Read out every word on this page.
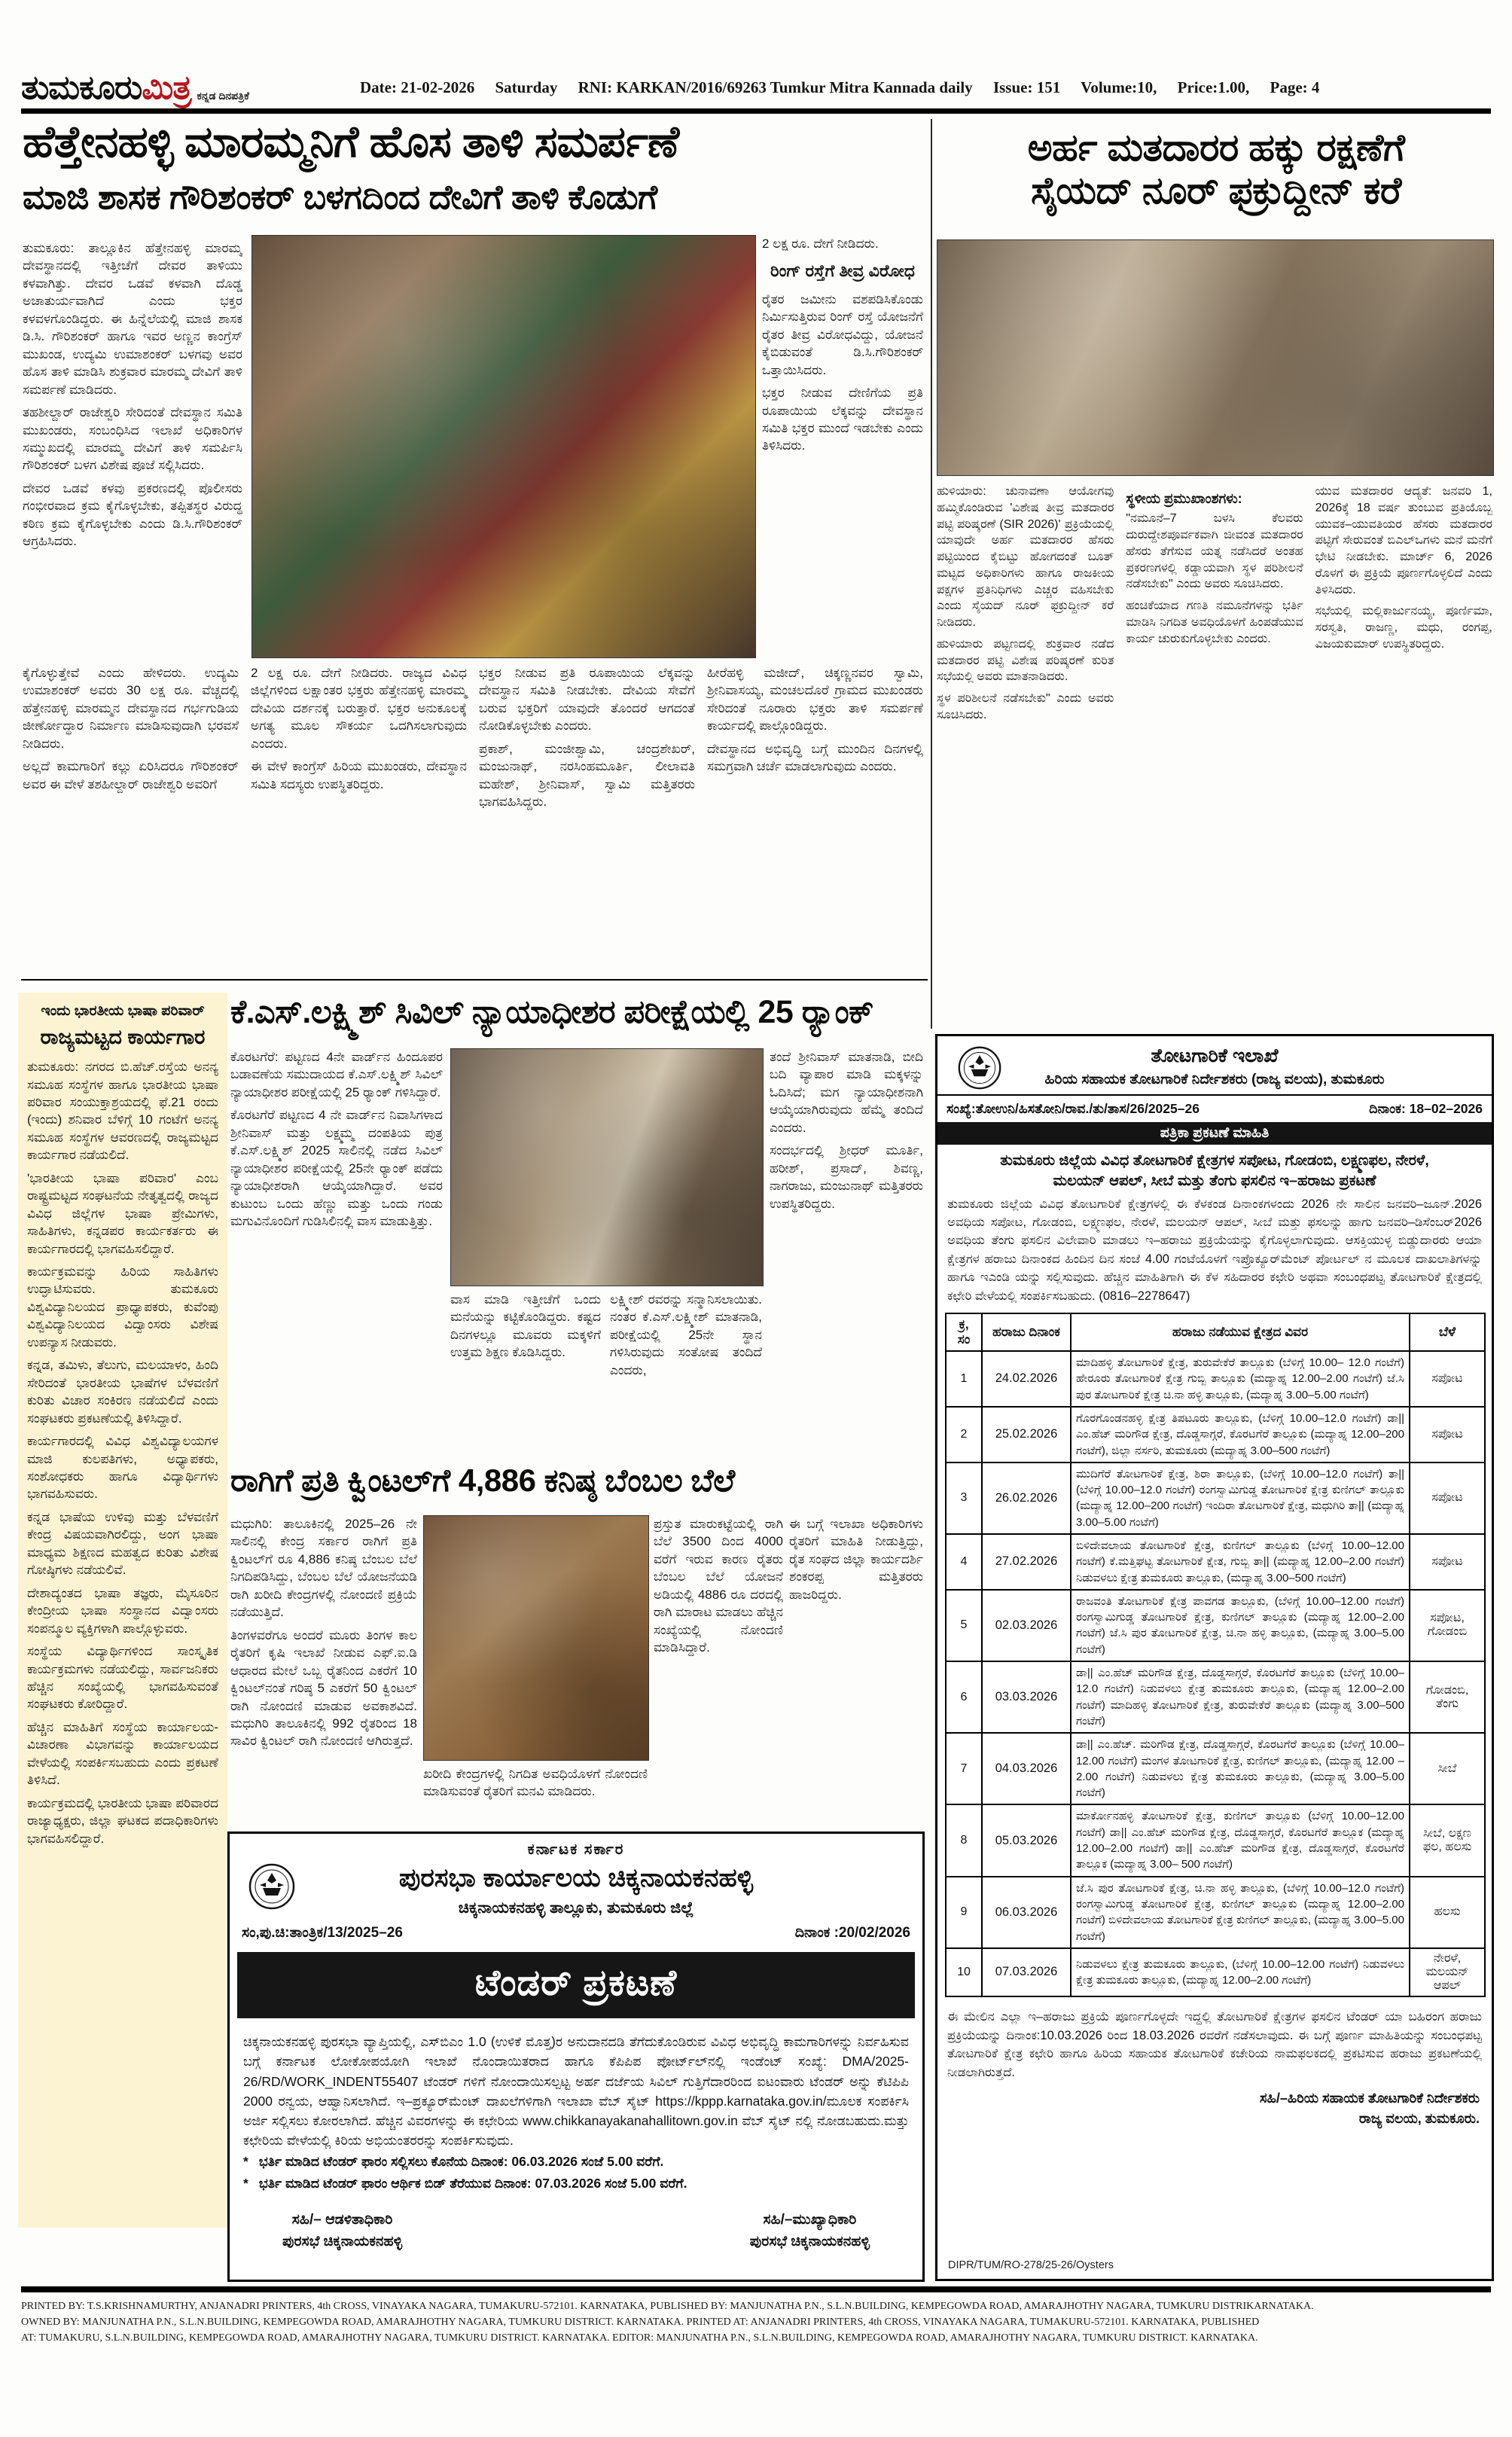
ತುಮಕೂರುಮಿತ್ರ ಕನ್ನಡ ದಿನಪತ್ರಿಕೆ	Date: 21-02-2026 Saturday RNI: KARKAN/2016/69263 Tumkur Mitra Kannada daily Issue: 151 Volume:10, Price:1.00, Page: 4
ಹೆತ್ತೇನಹಳ್ಳಿ ಮಾರಮ್ಮನಿಗೆ ಹೊಸ ತಾಳಿ ಸಮರ್ಪಣೆ
ಮಾಜಿ ಶಾಸಕ ಗೌರಿಶಂಕರ್ ಬಳಗದಿಂದ ದೇವಿಗೆ ತಾಳಿ ಕೊಡುಗೆ

ತುಮಕೂರು: ತಾಲ್ಲೂಕಿನ ಹೆತ್ತೇನಹಳ್ಳಿ ಮಾರಮ್ಮ ದೇವಸ್ಥಾನದಲ್ಲಿ ಇತ್ತೀಚೆಗೆ ದೇವರ ತಾಳಿಯು ಕಳವಾಗಿತ್ತು. ದೇವರ ಒಡವೆ ಕಳವಾಗಿ ದೊಡ್ಡ ಅಚಾತುರ್ಯವಾಗಿದೆ ಎಂದು ಭಕ್ತರ ಕಳವಳಗೊಂಡಿದ್ದರು. ಈ ಹಿನ್ನೆಲೆಯಲ್ಲಿ ಮಾಜಿ ಶಾಸಕ ಡಿ.ಸಿ. ಗೌರಿಶಂಕರ್ ಹಾಗೂ ಇವರ ಅಣ್ಣನ ಕಾಂಗ್ರೆಸ್ ಮುಖಂಡ, ಉದ್ಯಮಿ ಉಮಾಶಂಕರ್ ಬಳಗವು ಅವರ ಹೊಸ ತಾಳಿ ಮಾಡಿಸಿ ಶುಕ್ರವಾರ ಮಾರಮ್ಮ ದೇವಿಗೆ ತಾಳಿ ಸಮರ್ಪಣೆ ಮಾಡಿದರು.

ತಹಶೀಲ್ದಾರ್ ರಾಜೇಶ್ವರಿ ಸೇರಿದಂತೆ ದೇವಸ್ಥಾನ ಸಮಿತಿ ಮುಖಂಡರು, ಸಂಬಂಧಿಸಿದ ಇಲಾಖೆ ಅಧಿಕಾರಿಗಳ ಸಮ್ಮುಖದಲ್ಲಿ ಮಾರಮ್ಮ ದೇವಿಗೆ ತಾಳಿ ಸಮರ್ಪಿಸಿ ಗೌರಿಶಂಕರ್ ಬಳಗ ವಿಶೇಷ ಪೂಜೆ ಸಲ್ಲಿಸಿದರು.

ದೇವರ ಒಡವೆ ಕಳವು ಪ್ರಕರಣದಲ್ಲಿ ಪೊಲೀಸರು ಗಂಭೀರವಾದ ಕ್ರಮ ಕೈಗೊಳ್ಳಬೇಕು, ತಪ್ಪಿತಸ್ಥರ ವಿರುದ್ಧ ಕಠಿಣ ಕ್ರಮ ಕೈಗೊಳ್ಳಬೇಕು ಎಂದು ಡಿ.ಸಿ.ಗೌರಿಶಂಕರ್ ಆಗ್ರಹಿಸಿದರು.

2 ಲಕ್ಷ ರೂ. ದೇಗೆ ನೀಡಿದರು.

ರಿಂಗ್ ರಸ್ತೆಗೆ ತೀವ್ರ ವಿರೋಧ

ರೈತರ ಜಮೀನು ವಶಪಡಿಸಿಕೊಂಡು ನಿರ್ಮಿಸುತ್ತಿರುವ ರಿಂಗ್ ರಸ್ತೆ ಯೋಜನೆಗೆ ರೈತರ ತೀವ್ರ ವಿರೋಧವಿದ್ದು, ಯೋಜನೆ ಕೈಬಿಡುವಂತೆ ಡಿ.ಸಿ.ಗೌರಿಶಂಕರ್ ಒತ್ತಾಯಿಸಿದರು.

ಭಕ್ತರ ನೀಡುವ ದೇಣಿಗೆಯ ಪ್ರತಿ ರೂಪಾಯಿಯ ಲೆಕ್ಕವನ್ನು ದೇವಸ್ಥಾನ ಸಮಿತಿ ಭಕ್ತರ ಮುಂದೆ ಇಡಬೇಕು ಎಂದು ತಿಳಿಸಿದರು.

ಕೈಗೊಳ್ಳುತ್ತೇವೆ ಎಂದು ಹೇಳಿದರು. ಉದ್ಯಮಿ ಉಮಾಶಂಕರ್ ಅವರು 30 ಲಕ್ಷ ರೂ. ವೆಚ್ಚದಲ್ಲಿ ಹೆತ್ತೇನಹಳ್ಳಿ ಮಾರಮ್ಮನ ದೇವಸ್ಥಾನದ ಗರ್ಭಗುಡಿಯ ಜೀರ್ಣೋದ್ಧಾರ ನಿರ್ಮಾಣ ಮಾಡಿಸುವುದಾಗಿ ಭರವಸೆ ನೀಡಿದರು.

ಅಲ್ಲದೆ ಕಾಮಗಾರಿಗೆ ಕಲ್ಲು ಏರಿಸಿದರೂ ಗೌರಿಶಂಕರ್ ಅವರ ಈ ವೇಳೆ ತಶಹೀಲ್ದಾರ್ ರಾಜೇಶ್ವರಿ ಅವರಿಗೆ

2 ಲಕ್ಷ ರೂ. ದೇಗೆ ನೀಡಿದರು. ರಾಜ್ಯದ ವಿವಿಧ ಜಿಲ್ಲೆಗಳಿಂದ ಲಕ್ಷಾಂತರ ಭಕ್ತರು ಹೆತ್ತೇನಹಳ್ಳಿ ಮಾರಮ್ಮ ದೇವಿಯ ದರ್ಶನಕ್ಕೆ ಬರುತ್ತಾರೆ. ಭಕ್ತರ ಅನುಕೂಲಕ್ಕೆ ಅಗತ್ಯ ಮೂಲ ಸೌಕರ್ಯ ಒದಗಿಸಲಾಗುವುದು ಎಂದರು.

ಈ ವೇಳೆ ಕಾಂಗ್ರೆಸ್ ಹಿರಿಯ ಮುಖಂಡರು, ದೇವಸ್ಥಾನ ಸಮಿತಿ ಸದಸ್ಯರು ಉಪಸ್ಥಿತರಿದ್ದರು.

ಭಕ್ತರ ನೀಡುವ ಪ್ರತಿ ರೂಪಾಯಿಯ ಲೆಕ್ಕವನ್ನು ದೇವಸ್ಥಾನ ಸಮಿತಿ ನೀಡಬೇಕು. ದೇವಿಯ ಸೇವೆಗೆ ಬರುವ ಭಕ್ತರಿಗೆ ಯಾವುದೇ ತೊಂದರೆ ಆಗದಂತೆ ನೋಡಿಕೊಳ್ಳಬೇಕು ಎಂದರು.

ಪ್ರಕಾಶ್, ಮಂಜೀಶ್ವಾಮಿ, ಚಂದ್ರಶೇಖರ್, ಮಂಜುನಾಥ್, ನರಸಿಂಹಮೂರ್ತಿ, ಲೀಲಾವತಿ ಮಹೇಶ್, ಶ್ರೀನಿವಾಸ್, ಸ್ವಾಮಿ ಮತ್ತಿತರರು ಭಾಗವಹಿಸಿದ್ದರು.

ಹೀರೆಹಳ್ಳಿ ಮಜೀದ್, ಚಿಕ್ಕಣ್ಣನವರ ಸ್ವಾಮಿ, ಶ್ರೀನಿವಾಸಯ್ಯ, ಮಂಚಲದೊರೆ ಗ್ರಾಮದ ಮುಖಂಡರು ಸೇರಿದಂತೆ ನೂರಾರು ಭಕ್ತರು ತಾಳಿ ಸಮರ್ಪಣೆ ಕಾರ್ಯದಲ್ಲಿ ಪಾಲ್ಗೊಂಡಿದ್ದರು.

ದೇವಸ್ಥಾನದ ಅಭಿವೃದ್ಧಿ ಬಗ್ಗೆ ಮುಂದಿನ ದಿನಗಳಲ್ಲಿ ಸಮಗ್ರವಾಗಿ ಚರ್ಚೆ ಮಾಡಲಾಗುವುದು ಎಂದರು.

ಅರ್ಹ ಮತದಾರರ ಹಕ್ಕು ರಕ್ಷಣೆಗೆ
ಸೈಯದ್ ನೂರ್ ಫಕ್ರುದ್ದೀನ್ ಕರೆ

ಹುಳಿಯಾರು: ಚುನಾವಣಾ ಆಯೋಗವು ಹಮ್ಮಿಕೊಂಡಿರುವ 'ವಿಶೇಷ ತೀವ್ರ ಮತದಾರರ ಪಟ್ಟಿ ಪರಿಷ್ಕರಣೆ (SIR 2026)' ಪ್ರಕ್ರಿಯೆಯಲ್ಲಿ ಯಾವುದೇ ಅರ್ಹ ಮತದಾರರ ಹೆಸರು ಪಟ್ಟಿಯಿಂದ ಕೈಬಿಟ್ಟು ಹೋಗದಂತೆ ಬೂತ್ ಮಟ್ಟದ ಅಧಿಕಾರಿಗಳು ಹಾಗೂ ರಾಜಕೀಯ ಪಕ್ಷಗಳ ಪ್ರತಿನಿಧಿಗಳು ಎಚ್ಚರ ವಹಿಸಬೇಕು ಎಂದು ಸೈಯದ್ ನೂರ್ ಫಕ್ರುದ್ದೀನ್ ಕರೆ ನೀಡಿದರು.

ಹುಳಿಯಾರು ಪಟ್ಟಣದಲ್ಲಿ ಶುಕ್ರವಾರ ನಡೆದ ಮತದಾರರ ಪಟ್ಟಿ ವಿಶೇಷ ಪರಿಷ್ಕರಣೆ ಕುರಿತ ಸಭೆಯಲ್ಲಿ ಅವರು ಮಾತನಾಡಿದರು.

ಸ್ಥಳ ಪರಿಶೀಲನೆ ನಡೆಸಬೇಕು" ಎಂದು ಅವರು ಸೂಚಿಸಿದರು.

ಸ್ಥಳೀಯ ಪ್ರಮುಖಾಂಶಗಳು:

"ನಮೂನೆ–7 ಬಳಸಿ ಕೆಲವರು ದುರುದ್ದೇಶಪೂರ್ವಕವಾಗಿ ಜೀವಂತ ಮತದಾರರ ಹೆಸರು ತೆಗೆಸುವ ಯತ್ನ ನಡೆಸಿದರೆ ಅಂತಹ ಪ್ರಕರಣಗಳಲ್ಲಿ ಕಡ್ಡಾಯವಾಗಿ ಸ್ಥಳ ಪರಿಶೀಲನೆ ನಡೆಸಬೇಕು" ಎಂದು ಅವರು ಸೂಚಿಸಿದರು.

ಹಂಚಿಕೆಯಾದ ಗಣತಿ ನಮೂನೆಗಳನ್ನು ಭರ್ತಿ ಮಾಡಿಸಿ ನಿಗದಿತ ಅವಧಿಯೊಳಗೆ ಹಿಂಪಡೆಯುವ ಕಾರ್ಯ ಚುರುಕುಗೊಳ್ಳಬೇಕು ಎಂದರು.

ಯುವ ಮತದಾರರ ಆದ್ಯತೆ: ಜನವರಿ 1, 2026ಕ್ಕೆ 18 ವರ್ಷ ತುಂಬುವ ಪ್ರತಿಯೊಬ್ಬ ಯುವಕ–ಯುವತಿಯರ ಹೆಸರು ಮತದಾರರ ಪಟ್ಟಿಗೆ ಸೇರುವಂತೆ ಬಿಎಲ್‌ಒಗಳು ಮನೆ ಮನೆಗೆ ಭೇಟಿ ನೀಡಬೇಕು. ಮಾರ್ಚ್ 6, 2026 ರೊಳಗೆ ಈ ಪ್ರಕ್ರಿಯೆ ಪೂರ್ಣಗೊಳ್ಳಲಿದೆ ಎಂದು ತಿಳಿಸಿದರು.

ಸಭೆಯಲ್ಲಿ ಮಲ್ಲಿಕಾರ್ಜುನಯ್ಯ, ಪೂರ್ಣಿಮಾ, ಸರಸ್ವತಿ, ರಾಜಣ್ಣ, ಮಧು, ರಂಗಪ್ಪ, ವಿಜಯಕುಮಾರ್ ಉಪಸ್ಥಿತರಿದ್ದರು.

ಇಂದು ಭಾರತೀಯ ಭಾಷಾ ಪರಿವಾರ್
ರಾಜ್ಯಮಟ್ಟದ ಕಾರ್ಯಗಾರ

ತುಮಕೂರು: ನಗರದ ಬಿ.ಹೆಚ್.ರಸ್ತೆಯ ಅನನ್ಯ ಸಮೂಹ ಸಂಸ್ಥೆಗಳ ಹಾಗೂ ಭಾರತೀಯ ಭಾಷಾ ಪರಿವಾರ ಸಂಯುಕ್ತಾಶ್ರಯದಲ್ಲಿ ಫೆ.21 ರಂದು (ಇಂದು) ಶನಿವಾರ ಬೆಳಿಗ್ಗೆ 10 ಗಂಟೆಗೆ ಅನನ್ಯ ಸಮೂಹ ಸಂಸ್ಥೆಗಳ ಆವರಣದಲ್ಲಿ ರಾಜ್ಯಮಟ್ಟದ ಕಾರ್ಯಗಾರ ನಡೆಯಲಿದೆ.

'ಭಾರತೀಯ ಭಾಷಾ ಪರಿವಾರ' ಎಂಬ ರಾಷ್ಟ್ರಮಟ್ಟದ ಸಂಘಟನೆಯ ನೇತೃತ್ವದಲ್ಲಿ ರಾಜ್ಯದ ವಿವಿಧ ಜಿಲ್ಲೆಗಳ ಭಾಷಾ ಪ್ರೇಮಿಗಳು, ಸಾಹಿತಿಗಳು, ಕನ್ನಡಪರ ಕಾರ್ಯಕರ್ತರು ಈ ಕಾರ್ಯಗಾರದಲ್ಲಿ ಭಾಗವಹಿಸಲಿದ್ದಾರೆ.

ಕಾರ್ಯಕ್ರಮವನ್ನು ಹಿರಿಯ ಸಾಹಿತಿಗಳು ಉದ್ಘಾಟಿಸುವರು. ತುಮಕೂರು ವಿಶ್ವವಿದ್ಯಾನಿಲಯದ ಪ್ರಾಧ್ಯಾಪಕರು, ಕುವೆಂಪು ವಿಶ್ವವಿದ್ಯಾನಿಲಯದ ವಿದ್ವಾಂಸರು ವಿಶೇಷ ಉಪನ್ಯಾಸ ನೀಡುವರು.

ಕನ್ನಡ, ತಮಿಳು, ತೆಲುಗು, ಮಲಯಾಳಂ, ಹಿಂದಿ ಸೇರಿದಂತೆ ಭಾರತೀಯ ಭಾಷೆಗಳ ಬೆಳವಣಿಗೆ ಕುರಿತು ವಿಚಾರ ಸಂಕಿರಣ ನಡೆಯಲಿದೆ ಎಂದು ಸಂಘಟಕರು ಪ್ರಕಟಣೆಯಲ್ಲಿ ತಿಳಿಸಿದ್ದಾರೆ.

ಕಾರ್ಯಗಾರದಲ್ಲಿ ವಿವಿಧ ವಿಶ್ವವಿದ್ಯಾಲಯಗಳ ಮಾಜಿ ಕುಲಪತಿಗಳು, ಅಧ್ಯಾಪಕರು, ಸಂಶೋಧಕರು ಹಾಗೂ ವಿದ್ಯಾರ್ಥಿಗಳು ಭಾಗವಹಿಸುವರು.

ಕನ್ನಡ ಭಾಷೆಯ ಉಳಿವು ಮತ್ತು ಬೆಳವಣಿಗೆ ಕೇಂದ್ರ ವಿಷಯವಾಗಿರಲಿದ್ದು, ಅಂಗ ಭಾಷಾ ಮಾಧ್ಯಮ ಶಿಕ್ಷಣದ ಮಹತ್ವದ ಕುರಿತು ವಿಶೇಷ ಗೋಷ್ಠಿಗಳು ನಡೆಯಲಿವೆ.

ದೇಶಾದ್ಯಂತದ ಭಾಷಾ ತಜ್ಞರು, ಮೈಸೂರಿನ ಕೇಂದ್ರೀಯ ಭಾಷಾ ಸಂಸ್ಥಾನದ ವಿದ್ವಾಂಸರು ಸಂಪನ್ಮೂಲ ವ್ಯಕ್ತಿಗಳಾಗಿ ಪಾಲ್ಗೊಳ್ಳುವರು.

ಸಂಸ್ಥೆಯ ವಿದ್ಯಾರ್ಥಿಗಳಿಂದ ಸಾಂಸ್ಕೃತಿಕ ಕಾರ್ಯಕ್ರಮಗಳು ನಡೆಯಲಿದ್ದು, ಸಾರ್ವಜನಿಕರು ಹೆಚ್ಚಿನ ಸಂಖ್ಯೆಯಲ್ಲಿ ಭಾಗವಹಿಸುವಂತೆ ಸಂಘಟಕರು ಕೋರಿದ್ದಾರೆ.

ಹೆಚ್ಚಿನ ಮಾಹಿತಿಗೆ ಸಂಸ್ಥೆಯ ಕಾರ್ಯಾಲಯ-ವಿಚಾರಣಾ ವಿಭಾಗವನ್ನು ಕಾರ್ಯಾಲಯದ ವೇಳೆಯಲ್ಲಿ ಸಂಪರ್ಕಿಸಬಹುದು ಎಂದು ಪ್ರಕಟಣೆ ತಿಳಿಸಿದೆ.

ಕಾರ್ಯಕ್ರಮದಲ್ಲಿ ಭಾರತೀಯ ಭಾಷಾ ಪರಿವಾರದ ರಾಜ್ಯಾಧ್ಯಕ್ಷರು, ಜಿಲ್ಲಾ ಘಟಕದ ಪದಾಧಿಕಾರಿಗಳು ಭಾಗವಹಿಸಲಿದ್ದಾರೆ.

ಕೆ.ಎಸ್.ಲಕ್ಷ್ಮಿಶ್ ಸಿವಿಲ್ ನ್ಯಾಯಾಧೀಶರ ಪರೀಕ್ಷೆಯಲ್ಲಿ 25 ರ‍್ಯಾಂಕ್

ಕೊರಟಗೆರೆ: ಪಟ್ಟಣದ 4ನೇ ವಾರ್ಡ್‌ನ ಹಿಂದೂಪರ ಬಡಾವಣೆಯ ಸಮುದಾಯದ ಕೆ.ಎಸ್.ಲಕ್ಷ್ಮಿಶ್ ಸಿವಿಲ್ ನ್ಯಾಯಾಧೀಶರ ಪರೀಕ್ಷೆಯಲ್ಲಿ 25 ರ‍್ಯಾಂಕ್ ಗಳಿಸಿದ್ದಾರೆ.

ಕೊರಟಗೆರೆ ಪಟ್ಟಣದ 4 ನೇ ವಾರ್ಡ್‌ನ ನಿವಾಸಿಗಳಾದ ಶ್ರೀನಿವಾಸ್ ಮತ್ತು ಲಕ್ಷ್ಮಮ್ಮ ದಂಪತಿಯ ಪುತ್ರ ಕೆ.ಎಸ್.ಲಕ್ಷ್ಮಿಶ್ 2025 ಸಾಲಿನಲ್ಲಿ ನಡೆದ ಸಿವಿಲ್ ನ್ಯಾಯಾಧೀಶರ ಪರೀಕ್ಷೆಯಲ್ಲಿ 25ನೇ ರ‍್ಯಾಂಕ್ ಪಡೆದು ನ್ಯಾಯಾಧೀಶರಾಗಿ ಆಯ್ಕೆಯಾಗಿದ್ದಾರೆ. ಅವರ ಕುಟುಂಬ ಒಂದು ಹೆಣ್ಣು ಮತ್ತು ಒಂದು ಗಂಡು ಮಗುವಿನೊಂದಿಗೆ ಗುಡಿಸಿಲಿನಲ್ಲಿ ವಾಸ ಮಾಡುತ್ತಿತ್ತು.

ವಾಸ ಮಾಡಿ ಇತ್ತೀಚೆಗೆ ಒಂದು ಮನೆಯನ್ನು ಕಟ್ಟಿಕೊಂಡಿದ್ದರು. ಕಷ್ಟದ ದಿನಗಳಲ್ಲೂ ಮೂವರು ಮಕ್ಕಳಿಗೆ ಉತ್ತಮ ಶಿಕ್ಷಣ ಕೊಡಿಸಿದ್ದರು.

ಲಕ್ಷ್ಮೀಶ್ ರವರನ್ನು ಸನ್ಮಾನಿಸಲಾಯಿತು. ನಂತರ ಕೆ.ಎಸ್.ಲಕ್ಷ್ಮೀಶ್ ಮಾತನಾಡಿ, ಪರೀಕ್ಷೆಯಲ್ಲಿ 25ನೇ ಸ್ಥಾನ ಗಳಿಸಿರುವುದು ಸಂತೋಷ ತಂದಿದೆ ಎಂದರು,

ತಂದೆ ಶ್ರೀನಿವಾಸ್ ಮಾತನಾಡಿ, ಬೀದಿ ಬದಿ ವ್ಯಾಪಾರ ಮಾಡಿ ಮಕ್ಕಳನ್ನು ಓದಿಸಿದೆ; ಮಗ ನ್ಯಾಯಾಧೀಶನಾಗಿ ಆಯ್ಕೆಯಾಗಿರುವುದು ಹೆಮ್ಮೆ ತಂದಿದೆ ಎಂದರು.

ಸಂದರ್ಭದಲ್ಲಿ ಶ್ರೀಧರ್ ಮೂರ್ತಿ, ಹರೀಶ್, ಪ್ರಸಾದ್, ಶಿವಣ್ಣ, ನಾಗರಾಜು, ಮಂಜುನಾಥ್ ಮತ್ತಿತರರು ಉಪಸ್ಥಿತರಿದ್ದರು.

ರಾಗಿಗೆ ಪ್ರತಿ ಕ್ವಿಂಟಲ್‌ಗೆ 4,886 ಕನಿಷ್ಠ ಬೆಂಬಲ ಬೆಲೆ

ಮಧುಗಿರಿ: ತಾಲೂಕಿನಲ್ಲಿ 2025–26 ನೇ ಸಾಲಿನಲ್ಲಿ ಕೇಂದ್ರ ಸರ್ಕಾರ ರಾಗಿಗೆ ಪ್ರತಿ ಕ್ವಿಂಟಲ್‌ಗೆ ರೂ 4,886 ಕನಿಷ್ಠ ಬೆಂಬಲ ಬೆಲೆ ನಿಗದಿಪಡಿಸಿದ್ದು, ಬೆಂಬಲ ಬೆಲೆ ಯೋಜನೆಯಡಿ ರಾಗಿ ಖರೀದಿ ಕೇಂದ್ರಗಳಲ್ಲಿ ನೋಂದಣಿ ಪ್ರಕ್ರಿಯೆ ನಡೆಯುತ್ತಿದೆ.

ತಿಂಗಳವರೆಗೂ ಅಂದರೆ ಮೂರು ತಿಂಗಳ ಕಾಲ ರೈತರಿಗೆ ಕೃಷಿ ಇಲಾಖೆ ನೀಡುವ ಎಫ್.ಐ.ಡಿ ಆಧಾರದ ಮೇಲೆ ಒಬ್ಬ ರೈತನಿಂದ ಎಕರೆಗೆ 10 ಕ್ವಿಂಟಲ್‌ನಂತೆ ಗರಿಷ್ಠ 5 ಎಕರೆಗೆ 50 ಕ್ವಿಂಟಲ್ ರಾಗಿ ನೋಂದಣಿ ಮಾಡುವ ಅವಕಾಶವಿದೆ. ಮಧುಗಿರಿ ತಾಲೂಕಿನಲ್ಲಿ 992 ರೈತರಿಂದ 18 ಸಾವಿರ ಕ್ವಿಂಟಲ್ ರಾಗಿ ನೋಂದಣಿ ಆಗಿರುತ್ತದೆ.

ಪ್ರಸ್ತುತ ಮಾರುಕಟ್ಟೆಯಲ್ಲಿ ರಾಗಿ ಬೆಲೆ 3500 ದಿಂದ 4000 ವರೆಗೆ ಇರುವ ಕಾರಣ ರೈತರು ಬೆಂಬಲ ಬೆಲೆ ಯೋಜನೆ ಅಡಿಯಲ್ಲಿ 4886 ರೂ ದರದಲ್ಲಿ ರಾಗಿ ಮಾರಾಟ ಮಾಡಲು ಹೆಚ್ಚಿನ ಸಂಖ್ಯೆಯಲ್ಲಿ ನೋಂದಣಿ ಮಾಡಿಸಿದ್ದಾರೆ.

ಈ ಬಗ್ಗೆ ಇಲಾಖಾ ಅಧಿಕಾರಿಗಳು ರೈತರಿಗೆ ಮಾಹಿತಿ ನೀಡುತ್ತಿದ್ದು, ರೈತ ಸಂಘದ ಜಿಲ್ಲಾ ಕಾರ್ಯದರ್ಶಿ ಶಂಕರಪ್ಪ ಮತ್ತಿತರರು ಹಾಜರಿದ್ದರು.

ಖರೀದಿ ಕೇಂದ್ರಗಳಲ್ಲಿ ನಿಗದಿತ ಅವಧಿಯೊಳಗೆ ನೋಂದಣಿ ಮಾಡಿಸುವಂತೆ ರೈತರಿಗೆ ಮನವಿ ಮಾಡಿದರು.

ಕರ್ನಾಟಕ ಸರ್ಕಾರ
ಪುರಸಭಾ ಕಾರ್ಯಾಲಯ ಚಿಕ್ಕನಾಯಕನಹಳ್ಳಿ
ಚಿಕ್ಕನಾಯಕನಹಳ್ಳಿ ತಾಲ್ಲೂಕು, ತುಮಕೂರು ಜಿಲ್ಲೆ
ಸಂ,ಪು.ಚಿ:ತಾಂತ್ರಿಕ/13/2025–26	ದಿನಾಂಕ :20/02/2026
ಟೆಂಡರ್ ಪ್ರಕಟಣೆ
ಚಿಕ್ಕನಾಯಕನಹಳ್ಳಿ ಪುರಸಭಾ ವ್ಯಾಪ್ತಿಯಲ್ಲಿ, ಎಸ್‌ಬಿಎಂ 1.0 (ಉಳಿಕೆ ಮೊತ್ತ)ರ ಅನುದಾನದಡಿ ತೆಗೆದುಕೊಂಡಿರುವ ವಿವಿಧ ಅಭಿವೃದ್ಧಿ ಕಾಮಗಾರಿಗಳನ್ನು ನಿರ್ವಹಿಸುವ ಬಗ್ಗೆ ಕರ್ನಾಟಕ ಲೋಕೋಪಯೋಗಿ ಇಲಾಖೆ ನೊಂದಾಯಿತರಾದ ಹಾಗೂ ಕೆಪಿಪಿಪ ಪೋರ್ಟ್‌ಲ್‌ನಲ್ಲಿ ಇಂಡೆಂಟ್ ಸಂಖ್ಯೆ: DMA/2025-26/RD/WORK_INDENT55407 ಟೆಂಡರ್ ಗಳಿಗೆ ನೋಂದಾಯಿಸಲ್ಪಟ್ಟ ಅರ್ಹ ದರ್ಜೆಯ ಸಿವಿಲ್ ಗುತ್ತಿಗೆದಾರರಿಂದ ಐಟಂವಾರು ಟೆಂಡರ್ ಅನ್ನು ಕೆಟಿಪಿಪಿ 2000 ರನ್ವಯ, ಆಹ್ವಾನಿಸಲಾಗಿದೆ. ಇ–ಪ್ರಕ್ಯೂರ್‌ಮೆಂಟ್ ದಾಖಲೆಗಳಿಗಾಗಿ ಇಲಾಖಾ ವೆಬ್ ಸೈಟ್ https://kppp.karnataka.gov.in/ಮೂಲಕ ಸಂಪರ್ಕಿಸಿ ಅರ್ಜಿ ಸಲ್ಲಿಸಲು ಕೋರಲಾಗಿದೆ. ಹೆಚ್ಚಿನ ವಿವರಗಳನ್ನು ಈ ಕಛೇರಿಯ www.chikkanayakanahallitown.gov.in ವೆಬ್ ಸೈಟ್ ನಲ್ಲಿ ನೋಡಬಹುದು.ಮತ್ತು ಕಛೇರಿಯ ವೇಳೆಯಲ್ಲಿ ಕಿರಿಯ ಅಭಿಯಂತರರನ್ನು ಸಂಪರ್ಕಿಸುವುದು.
* ಭರ್ತಿ ಮಾಡಿದ ಟೆಂಡರ್ ಫಾರಂ ಸಲ್ಲಿಸಲು ಕೊನೆಯ ದಿನಾಂಕ: 06.03.2026 ಸಂಜೆ 5.00 ವರೆಗೆ.
* ಭರ್ತಿ ಮಾಡಿದ ಟೆಂಡರ್ ಫಾರಂ ಆರ್ಥಿಕ ಬಿಡ್ ತೆರೆಯುವ ದಿನಾಂಕ: 07.03.2026 ಸಂಜೆ 5.00 ವರೆಗೆ.
ಸಹಿ/– ಆಡಳಿತಾಧಿಕಾರಿ
ಪುರಸಭೆ ಚಿಕ್ಕನಾಯಕನಹಳ್ಳಿ
ಸಹಿ/–ಮುಖ್ಯಾಧಿಕಾರಿ
ಪುರಸಭೆ ಚಿಕ್ಕನಾಯಕನಹಳ್ಳಿ
ತೋಟಗಾರಿಕೆ ಇಲಾಖೆ
ಹಿರಿಯ ಸಹಾಯಕ ತೋಟಗಾರಿಕೆ ನಿರ್ದೇಶಕರು (ರಾಜ್ಯ ವಲಯ), ತುಮಕೂರು
ಸಂಖ್ಯೆ:ತೋಉನಿ/ಹಿಸತೋನಿ/ರಾವ./ತು/ತಾಸ/26/2025–26	ದಿನಾಂಕ: 18–02–2026
ಪತ್ರಿಕಾ ಪ್ರಕಟಣೆ ಮಾಹಿತಿ
ತುಮಕೂರು ಜಿಲ್ಲೆಯ ವಿವಿಧ ತೋಟಗಾರಿಕೆ ಕ್ಷೇತ್ರಗಳ ಸಪೋಟ, ಗೋಡಂಬಿ, ಲಕ್ಷ್ಮಣಫಲ, ನೇರಳೆ,
ಮಲಯನ್ ಆಪಲ್, ಸೀಬೆ ಮತ್ತು ತೆಂಗು ಫಸಲಿನ ಇ–ಹರಾಜು ಪ್ರಕಟಣೆ
ತುಮಕೂರು ಜಿಲ್ಲೆಯ ವಿವಿಧ ತೋಟಗಾರಿಕೆ ಕ್ಷೇತ್ರಗಳಲ್ಲಿ ಈ ಕೆಳಕಂಡ ದಿನಾಂಕಗಳಂದು 2026 ನೇ ಸಾಲಿನ ಜನವರಿ–ಜೂನ್.2026 ಅವಧಿಯ ಸಪೋಟ, ಗೋಡಂಬಿ, ಲಕ್ಷ್ಮಣಫಲ, ನೇರಳೆ, ಮಲಯನ್ ಆಪಲ್, ಸೀಬೆ ಮತ್ತು ಫಸಲನ್ನು ಹಾಗು ಜನವರಿ–ಡಿಸೆಂಬರ್2026 ಅವಧಿಯ ತೆಂಗು ಫಸಲಿನ ವಿಲೇವಾರಿ ಮಾಡಲು ಇ–ಹರಾಜು ಪ್ರಕ್ರಿಯೆಯನ್ನು ಕೈಗೊಳ್ಳಲಾಗುವುದು. ಆಸಕ್ತಿಯುಳ್ಳ ಬಿಡ್ಡುದಾರರು ಆಯಾ ಕ್ಷೇತ್ರಗಳ ಹರಾಜು ದಿನಾಂಕದ ಹಿಂದಿನ ದಿನ ಸಂಜೆ 4.00 ಗಂಟೆಯೊಳಗೆ ಇಪ್ರೊಕ್ಯೂರ್‌ಮೆಂಟ್ ಪೋರ್ಟಲ್ ನ ಮೂಲಕ ದಾಖಲಾತಿಗಳನ್ನು ಹಾಗೂ ಇಎಂಡಿ ಯನ್ನು ಸಲ್ಲಿಸುವುದು. ಹೆಚ್ಚಿನ ಮಾಹಿತಿಗಾಗಿ ಈ ಕೆಳ ಸಹಿದಾರರ ಕಛೇರಿ ಅಥವಾ ಸಂಬಂಧಪಟ್ಟ ತೋಟಗಾರಿಕೆ ಕ್ಷೇತ್ರದಲ್ಲಿ ಕಛೇರಿ ವೇಳೆಯಲ್ಲಿ ಸಂಪರ್ಕಿಸಬಹುದು. (0816–2278647)
ಕ್ರ, ಸಂ	ಹರಾಜು ದಿನಾಂಕ	ಹರಾಜು ನಡೆಯುವ ಕ್ಷೇತ್ರದ ವಿವರ	ಬೆಳೆ
1	24.02.2026	ಮಾದಿಹಳ್ಳಿ ತೋಟಗಾರಿಕೆ ಕ್ಷೇತ್ರ, ತುರುವೇಕೆರೆ ತಾಲ್ಲೂಕು (ಬೆಳಿಗ್ಗೆ 10.00– 12.0 ಗಂಟೆಗೆ) ಹೇರೂರು ತೋಟಗಾರಿಕೆ ಕ್ಷೇತ್ರ ಗುಬ್ಬಿ ತಾಲ್ಲೂಕು (ಮದ್ಯಾಹ್ನ 12.00–2.00 ಗಂಟೆಗೆ) ಜೆ.ಸಿ ಪುರ ತೋಟಗಾರಿಕೆ ಕ್ಷೇತ್ರ ಚಿ.ನಾ ಹಳ್ಳಿ ತಾಲ್ಲೂಕು, (ಮದ್ಯಾಹ್ನ 3.00–5.00 ಗಂಟೆಗೆ)	ಸಪೋಟ
2	25.02.2026	ಗೊರಗೊಂಡನಹಳ್ಳಿ ಕ್ಷೇತ್ರ ತಿಪಟೂರು ತಾಲ್ಲೂಕು, (ಬೆಳಿಗ್ಗೆ 10.00–12.0 ಗಂಟೆಗೆ) ಡಾ|| ಎಂ.ಹೆಚ್ ಮರಿಗೌಡ ಕ್ಷೇತ್ರ, ದೊಡ್ಡಸಾಗ್ಗರೆ, ಕೊರಟಗೆರೆ ತಾಲ್ಲೂಕು (ಮದ್ಯಾಹ್ನ 12.00–200 ಗಂಟೆಗೆ), ಜಿಲ್ಲಾ ನರ್ಸರಿ, ತುಮಕೂರು (ಮದ್ಯಾಹ್ನ 3.00–500 ಗಂಟೆಗೆ)	ಸಪೋಟ
3	26.02.2026	ಮುದಿಗೆರೆ ತೋಟಗಾರಿಕೆ ಕ್ಷೇತ್ರ, ಶಿರಾ ತಾಲ್ಲೂಕು, (ಬೆಳಿಗ್ಗೆ 10.00–12.0 ಗಂಟೆಗೆ) ತಾ|| (ಬೆಳಿಗ್ಗೆ 10.00–12.0 ಗಂಟೆಗೆ) ರಂಗಸ್ವಾಮಿಗುಡ್ಡ ತೋಟಗಾರಿಕೆ ಕ್ಷೇತ್ರ ಕುಣಿಗಲ್ ತಾಲ್ಲೂಕು (ಮದ್ಯಾಹ್ನ 12.00–200 ಗಂಟೆಗೆ) ಇಂದಿರಾ ತೋಟಗಾರಿಕೆ ಕ್ಷೇತ್ರ, ಮಧುಗಿರಿ ತಾ|| (ಮದ್ಯಾಹ್ನ 3.00–5.00 ಗಂಟೆಗೆ)	ಸಪೋಟ
4	27.02.2026	ಬಿಳಿದೇವಲಾಯ ತೋಟಗಾರಿಕೆ ಕ್ಷೇತ್ರ, ಕುಣಿಗಲ್ ತಾಲ್ಲೂಕು (ಬೆಳಿಗ್ಗೆ 10.00–12.00 ಗಂಟೆಗೆ) ಕೆ.ಮತ್ತಿಘಟ್ಟ ತೋಟಗಾರಿಕೆ ಕ್ಷೇತ, ಗುಬ್ಬಿ ತಾ|| (ಮದ್ಯಾಹ್ನ 12.00–2.00 ಗಂಟೆಗೆ) ನಿಡುವಳಲು ಕ್ಷೇತ್ರ ತುಮಕೂರು ತಾಲ್ಲೂಕು, (ಮದ್ಯಾಹ್ನ 3.00–500 ಗಂಟೆಗೆ)	ಸಪೋಟ
5	02.03.2026	ರಾಜವಂತಿ ತೋಟಗಾರಿಕೆ ಕ್ಷೇತ್ರ ಪಾವಗಡ ತಾಲ್ಲೂಕು, (ಬೆಳಿಗ್ಗೆ 10.00–12.00 ಗಂಟೆಗೆ) ರಂಗಸ್ವಾಮಿಗುಡ್ಡ ತೋಟಗಾರಿಕೆ ಕ್ಷೇತ್ರ, ಕುಣಿಗಲ್ ತಾಲ್ಲೂಕು (ಮದ್ಯಾಹ್ನ 12.00–2.00 ಗಂಟೆಗೆ) ಜೆ.ಸಿ ಪುರ ತೋಟಗಾರಿಕೆ ಕ್ಷೇತ್ರ, ಚಿ.ನಾ ಹಳ್ಳಿ ತಾಲ್ಲೂಕು, (ಮದ್ಯಾಹ್ನ 3.00–5.00 ಗಂಟೆಗೆ)	ಸಪೋಟ, ಗೋಡಂಬಿ
6	03.03.2026	ಡಾ|| ಎಂ.ಹೆಚ್ ಮರಿಗೌಡ ಕ್ಷೇತ್ರ, ದೊಡ್ಡಸಾಗ್ಗರೆ, ಕೊರಟಗೆರೆ ತಾಲ್ಲೂಕು (ಬೆಳಿಗ್ಗೆ 10.00–12.0 ಗಂಟೆಗೆ) ನಿಡುವಳಲು ಕ್ಷೇತ್ರ ತುಮಕೂರು ತಾಲ್ಲೂಕು, (ಮದ್ಯಾಹ್ನ 12.00–2.00 ಗಂಟೆಗೆ) ಮಾದಿಹಳ್ಳಿ ತೋಟಗಾರಿಕೆ ಕ್ಷೇತ್ರ, ತುರುವೇಕೆರೆ ತಾಲ್ಲೂಕು (ಮದ್ಯಾಹ್ನ 3.00–500 ಗಂಟೆಗೆ)	ಗೋಡಂಬಿ, ತೆಂಗು
7	04.03.2026	ಡಾ|| ಎಂ.ಹೆಚ್. ಮರಿಗೌಡ ಕ್ಷೇತ್ರ, ದೊಡ್ಡಸಾಗ್ಗರೆ, ಕೊರಟಗೆರೆ ತಾಲ್ಲೂಕು (ಬೆಳಿಗ್ಗೆ 10.00–12.00 ಗಂಟೆಗೆ) ಮಂಗಳ ತೋಟಗಾರಿಕೆ ಕ್ಷೇತ್ರ, ಕುಣಿಗಲ್ ತಾಲ್ಲೂಕು, (ಮದ್ಯಾಹ್ನ 12.00 – 2.00 ಗಂಟೆಗೆ) ನಿಡುವಳಲು ಕ್ಷೇತ್ರ ತುಮಕೂರು ತಾಲ್ಲೂಕು, (ಮದ್ಯಾಹ್ನ 3.00–5.00 ಗಂಟೆಗೆ)	ಸೀಬೆ
8	05.03.2026	ಮಾರ್ಕೋನಹಳ್ಳಿ ತೋಟಗಾರಿಕೆ ಕ್ಷೇತ್ರ, ಕುಣಿಗಲ್ ತಾಲ್ಲೂಕು (ಬೆಳಿಗ್ಗೆ 10.00–12.00 ಗಂಟೆಗೆ) ಡಾ|| ಎಂ.ಹೆಚ್ ಮರಿಗೌಡ ಕ್ಷೇತ್ರ, ದೊಡ್ಡಸಾಗ್ಗರೆ, ಕೊರಟಗೆರೆ ತಾಲ್ಲೂಕ (ಮದ್ಯಾಹ್ನ 12.00–2.00 ಗಂಟೆಗೆ) ಡಾ|| ಎಂ.ಹೆಚ್ ಮರಿಗೌಡ ಕ್ಷೇತ್ರ, ದೊಡ್ಡಸಾಗ್ಗರೆ, ಕೊರಟಗೆರೆ ತಾಲ್ಲೂಕ (ಮದ್ಯಾಹ್ನ 3.00– 500 ಗಂಟೆಗೆ)	ಸೀಬೆ, ಲಕ್ಷಣ ಫಲ, ಹಲಸು
9	06.03.2026	ಜೆ.ಸಿ ಪುರ ತೋಟಗಾರಿಕೆ ಕ್ಷೇತ್ರ, ಚಿ.ನಾ ಹಳ್ಳಿ ತಾಲ್ಲೂಕು, (ಬೆಳಿಗ್ಗೆ 10.00–12.0 ಗಂಟೆಗೆ) ರಂಗಸ್ವಾಮಿಗುಡ್ಡ ತೋಟಗಾರಿಕೆ ಕ್ಷೇತ್ರ, ಕುಣಿಗಲ್ ತಾಲ್ಲೂಕು (ಮದ್ಯಾಹ್ನ 12.00–2.00 ಗಂಟೆಗೆ) ಬಿಳಿದೇವಲಾಯ ತೋಟಗಾರಿಕೆ ಕ್ಷೇತ್ರ ಕುಣಿಗಲ್ ತಾಲ್ಲೂಕು, (ಮದ್ಯಾಹ್ನ 3.00–5.00 ಗಂಟೆಗೆ)	ಹಲಸು
10	07.03.2026	ನಿಡುವಳಲು ಕ್ಷೇತ್ರ ತುಮಕೂರು ತಾಲ್ಲೂಕು, (ಬೆಳಿಗ್ಗೆ 10.00–12.00 ಗಂಟೆಗೆ) ನಿಡುವಳಲು ಕ್ಷೇತ್ರ ತುಮಕೂರು ತಾಲ್ಲೂಕು, (ಮದ್ಯಾಹ್ನ 12.00–2.00 ಗಂಟೆಗೆ)	ನೇರಳೆ, ಮಲಯನ್ ಆಪಲ್
ಈ ಮೇಲಿನ ಎಲ್ಲಾ ಇ–ಹರಾಜು ಪ್ರಕ್ರಿಯೆ ಪೂರ್ಣಗೊಳ್ಳದೇ ಇದ್ದಲ್ಲಿ ತೋಟಗಾರಿಕೆ ಕ್ಷೇತ್ರಗಳ ಫಸಲಿನ ಟೆಂಡರ್ ಯಾ ಬಹಿರಂಗ ಹರಾಜು ಪ್ರಕ್ರಿಯೆಯನ್ನು ದಿನಾಂಕ:10.03.2026 ರಿಂದ 18.03.2026 ರವರೆಗೆ ನಡೆಸಲಾವುದು. ಈ ಬಗ್ಗೆ ಪೂರ್ಣ ಮಾಹಿತಿಯನ್ನು ಸಂಬಂಧಪಟ್ಟ ತೋಟಗಾರಿಕೆ ಕ್ಷೇತ್ರ ಕಛೇರಿ ಹಾಗೂ ಹಿರಿಯ ಸಹಾಯಕ ತೋಟಗಾರಿಕೆ ಕಚೇರಿಯ ನಾಮಫಲಕದಲ್ಲಿ ಪ್ರಕಟಿಸುವ ಹರಾಜು ಪ್ರಕಟಣೆಯಲ್ಲಿ ನೀಡಲಾಗಿರುತ್ತದೆ.
ಸಹಿ/–ಹಿರಿಯ ಸಹಾಯಕ ತೋಟಗಾರಿಕೆ ನಿರ್ದೇಶಕರು
ರಾಜ್ಯ ವಲಯ, ತುಮಕೂರು.
DIPR/TUM/RO-278/25-26/Oysters
PRINTED BY: T.S.KRISHNAMURTHY, ANJANADRI PRINTERS, 4th CROSS, VINAYAKA NAGARA, TUMAKURU-572101. KARNATAKA, PUBLISHED BY: MANJUNATHA P.N., S.L.N.BUILDING, KEMPEGOWDA ROAD, AMARAJHOTHY NAGARA, TUMKURU DISTRIKARNATAKA.
OWNED BY: MANJUNATHA P.N., S.L.N.BUILDING, KEMPEGOWDA ROAD, AMARAJHOTHY NAGARA, TUMKURU DISTRICT. KARNATAKA. PRINTED AT: ANJANADRI PRINTERS, 4th CROSS, VINAYAKA NAGARA, TUMAKURU-572101. KARNATAKA, PUBLISHED
AT: TUMAKURU, S.L.N.BUILDING, KEMPEGOWDA ROAD, AMARAJHOTHY NAGARA, TUMKURU DISTRICT. KARNATAKA. EDITOR: MANJUNATHA P.N., S.L.N.BUILDING, KEMPEGOWDA ROAD, AMARAJHOTHY NAGARA, TUMKURU DISTRICT. KARNATAKA.
